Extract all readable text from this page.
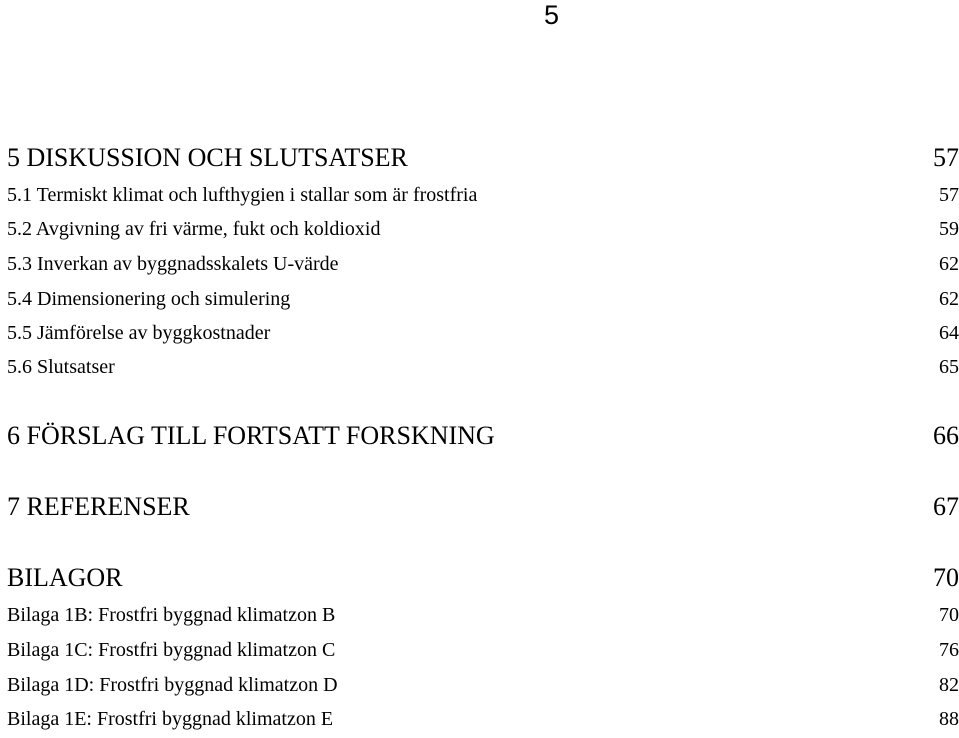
5
5 DISKUSSION OCH SLUTSATSER	57
5.1 Termiskt klimat och lufthygien i stallar som är frostfria	57
5.2 Avgivning av fri värme, fukt och koldioxid	59
5.3 Inverkan av byggnadsskalets U-värde	62
5.4 Dimensionering och simulering	62
5.5 Jämförelse av byggkostnader	64
5.6 Slutsatser	65
6 FÖRSLAG TILL FORTSATT FORSKNING	66
7 REFERENSER	67
BILAGOR	70
Bilaga 1B: Frostfri byggnad klimatzon B	70
Bilaga 1C: Frostfri byggnad klimatzon C	76
Bilaga 1D: Frostfri byggnad klimatzon D	82
Bilaga 1E: Frostfri byggnad klimatzon E	88
